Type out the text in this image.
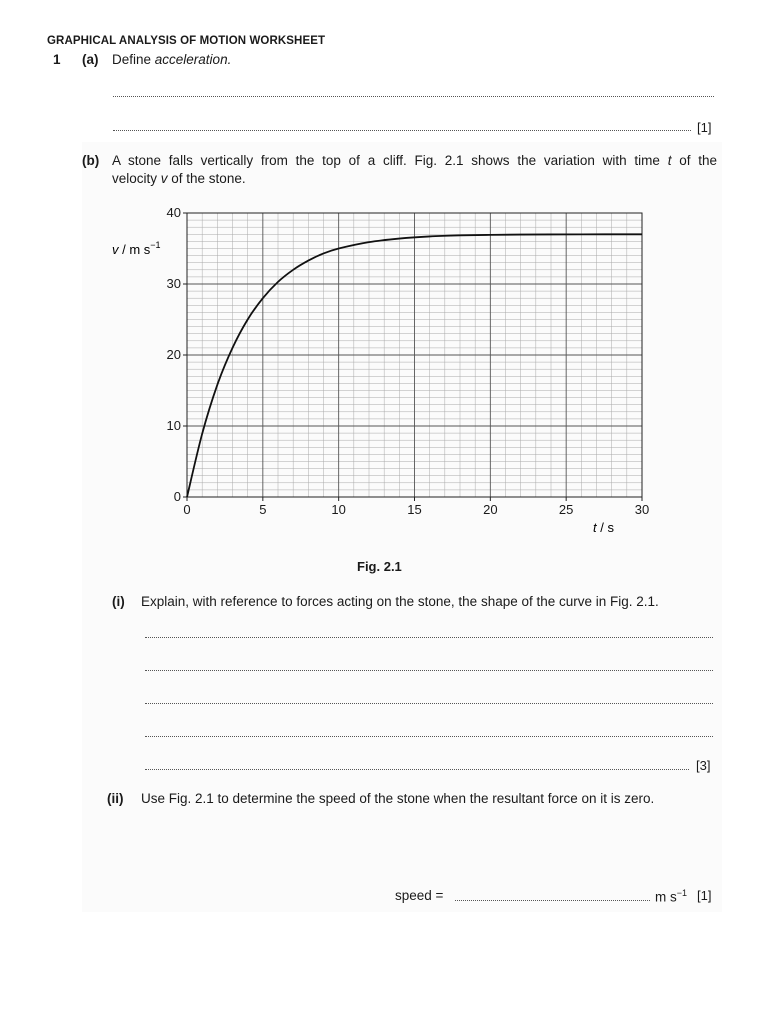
GRAPHICAL ANALYSIS OF MOTION WORKSHEET
1 (a) Define acceleration.
[1]
(b) A stone falls vertically from the top of a cliff. Fig. 2.1 shows the variation with time t of the
velocity v of the stone.
0	5	10	15	20	25	30
0
10
20
30
40
v / m $s^{-1}$
t / s
Fig. 2.1
(i) Explain, with reference to forces acting on the stone, the shape of the curve in Fig. 2.1.
[3]
(ii) Use Fig. 2.1 to determine the speed of the stone when the resultant force on it is zero.
speed =	m $s^{-1}$ [1]
